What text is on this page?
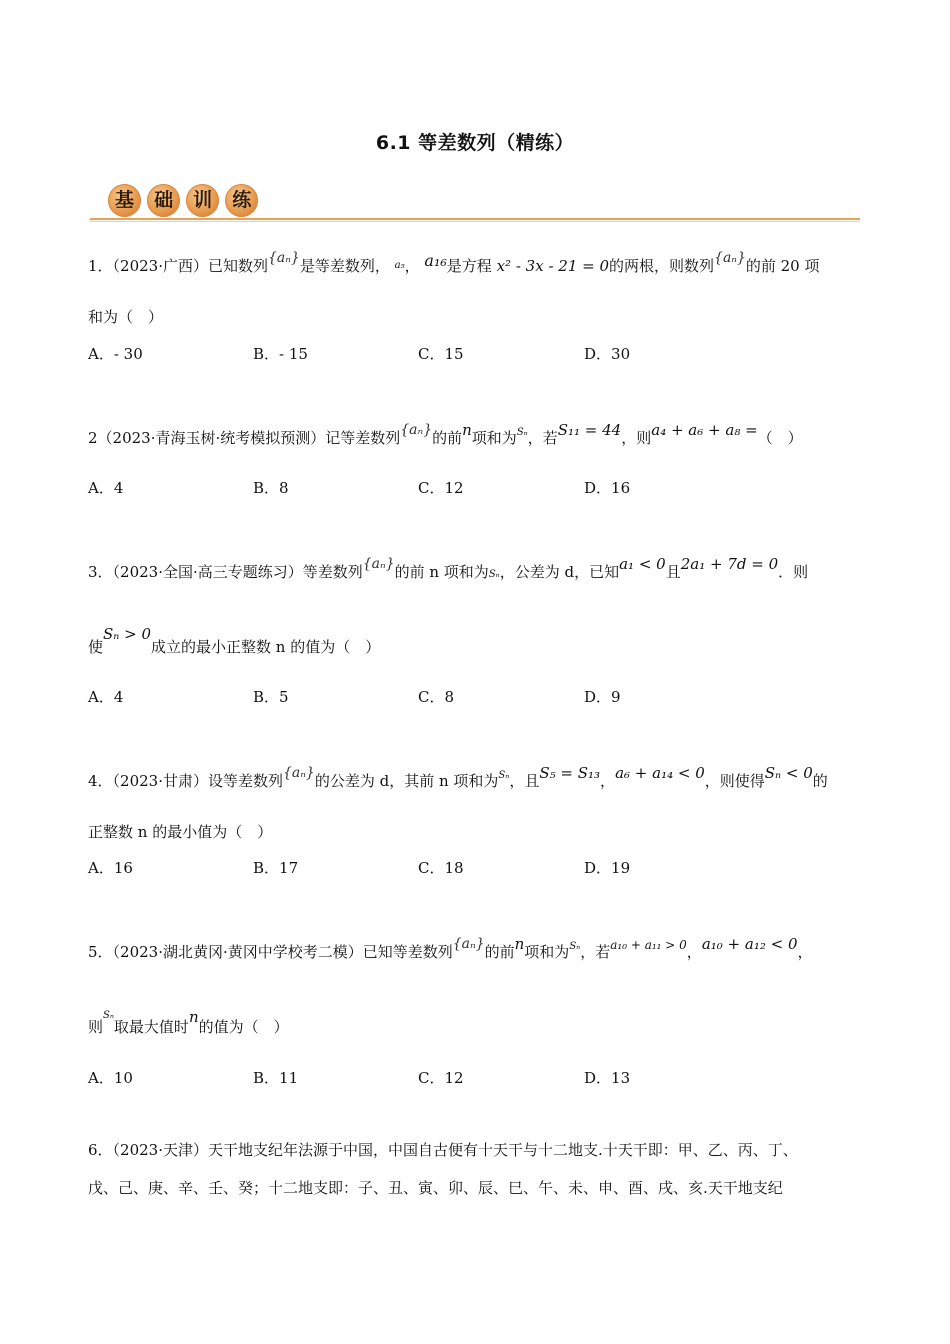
6.1 等差数列（精练）
基 础 训 练
1．（2023·广西）已知数列{aₙ}是等差数列， $^{a_5}$， a₁₆是方程 x² - 3x - 21 = 0的两根，则数列{aₙ}的前 20 项
和为（　）
A．- 30	B．- 15	C．15	D．30
2（2023·青海玉树·统考模拟预测）记等差数列{aₙ}的前n项和为$^{S_n}$，若S₁₁ = 44，则a₄ + a₆ + a₈ =（　）
A．4	B．8	C．12	D．16
3．（2023·全国·高三专题练习）等差数列{aₙ}的前 n 项和为Sₙ，公差为 d，已知a₁ < 0且2a₁ + 7d = 0．则
使Sₙ > 0成立的最小正整数 n 的值为（　）
A．4	B．5	C．8	D．9
4．（2023·甘肃）设等差数列{aₙ}的公差为 d，其前 n 项和为$^{S_n}$，且S₅ = S₁₃，a₆ + a₁₄ < 0，则使得Sₙ < 0的
正整数 n 的最小值为（　）
A．16	B．17	C．18	D．19
5．（2023·湖北黄冈·黄冈中学校考二模）已知等差数列{aₙ}的前n项和为$^{S_n}$，若$^{a_{10} + a_{11} > 0}$，a₁₀ + a₁₂ < 0，
则$^{S_n}$取最大值时n的值为（　）
A．10	B．11	C．12	D．13
6．（2023·天津）天干地支纪年法源于中国，中国自古便有十天干与十二地支.十天干即：甲、乙、丙、丁、
戊、己、庚、辛、壬、癸；十二地支即：子、丑、寅、卯、辰、巳、午、未、申、酉、戌、亥.天干地支纪
